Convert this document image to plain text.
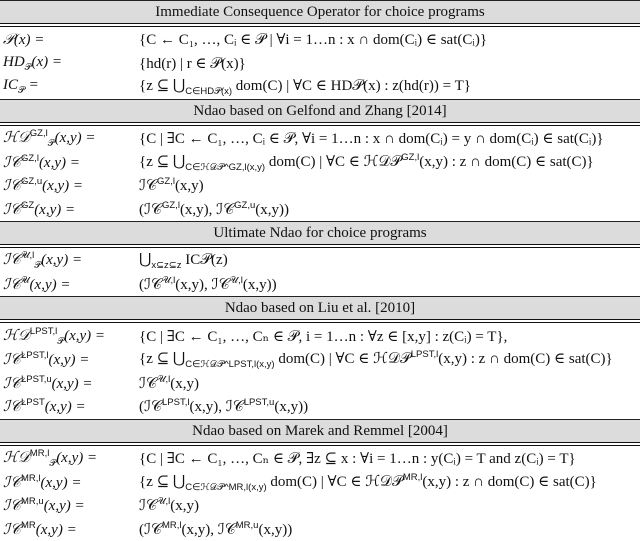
Immediate Consequence Operator for choice programs
𝒫(x) =	{C ← C₁, …, Cᵢ ∈ 𝒫 | ∀i = 1…n : x ∩ dom(Cᵢ) ∈ sat(Cᵢ)}
$HD_𝒫(x)$ =	{hd(r) | r ∈ 𝒫(x)}
$IC_𝒫$ =	{z ⊆ $⋃_{C\in HD𝒫(x)}$ dom(C) | ∀C ∈ HD𝒫(x) : z(hd(r)) = T}
Ndao based on Gelfond and Zhang [2014]
ℋ𝒟$^{GZ,l}_𝒫$(x,y) =	{C | ∃C ← C₁, …, Cᵢ ∈ 𝒫, ∀i = 1…n : x ∩ dom(Cᵢ) = y ∩ dom(Cᵢ) ∈ sat(Cᵢ)}
ℐ𝒞$^{GZ,l}$(x,y) =	{z ⊆ $⋃_{C\in ℋ𝒟𝒫\^{}GZ,l(x,y)}$ dom(C) | ∀C ∈ ℋ𝒟𝒫$^{GZ,l}$(x,y) : z ∩ dom(C) ∈ sat(C)}
ℐ𝒞$^{GZ,u}$(x,y) =	ℐ𝒞$^{GZ,l}$(x,y)
ℐ𝒞$^{GZ}$(x,y) =	(ℐ𝒞$^{GZ,l}$(x,y), ℐ𝒞$^{GZ,u}$(x,y))
Ultimate Ndao for choice programs
ℐ𝒞$^{𝒰,l}_𝒫$(x,y) =	$⋃_{x⊆z⊆z}$ IC𝒫(z)
ℐ𝒞$^𝒰$(x,y) =	(ℐ𝒞$^{𝒰,l}$(x,y), ℐ𝒞$^{𝒰,l}$(x,y))
Ndao based on Liu et al. [2010]
ℋ𝒟$^{LPST,l}_𝒫$(x,y) =	{C | ∃C ← C₁, …, Cₙ ∈ 𝒫, i = 1…n : ∀z ∈ [x,y] : z(Cᵢ) = T},
ℐ𝒞$^{LPST,l}$(x,y) =	{z ⊆ $⋃_{C\in ℋ𝒟𝒫\^{}LPST,l(x,y)}$ dom(C) | ∀C ∈ ℋ𝒟𝒫$^{LPST,l}$(x,y) : z ∩ dom(C) ∈ sat(C)}
ℐ𝒞$^{LPST,u}$(x,y) =	ℐ𝒞$^{𝒰,l}$(x,y)
ℐ𝒞$^{LPST}$(x,y) =	(ℐ𝒞$^{LPST,l}$(x,y), ℐ𝒞$^{LPST,u}$(x,y))
Ndao based on Marek and Remmel [2004]
ℋ𝒟$^{MR,l}_𝒫$(x,y) =	{C | ∃C ← C₁, …, Cₙ ∈ 𝒫, ∃z ⊆ x : ∀i = 1…n : y(Cᵢ) = T and z(Cᵢ) = T}
ℐ𝒞$^{MR,l}$(x,y) =	{z ⊆ $⋃_{C\in ℋ𝒟𝒫\^{}MR,l(x,y)}$ dom(C) | ∀C ∈ ℋ𝒟𝒫$^{MR,l}$(x,y) : z ∩ dom(C) ∈ sat(C)}
ℐ𝒞$^{MR,u}$(x,y) =	ℐ𝒞$^{𝒰,l}$(x,y)
ℐ𝒞$^{MR}$(x,y) =	(ℐ𝒞$^{MR,l}$(x,y), ℐ𝒞$^{MR,u}$(x,y))
